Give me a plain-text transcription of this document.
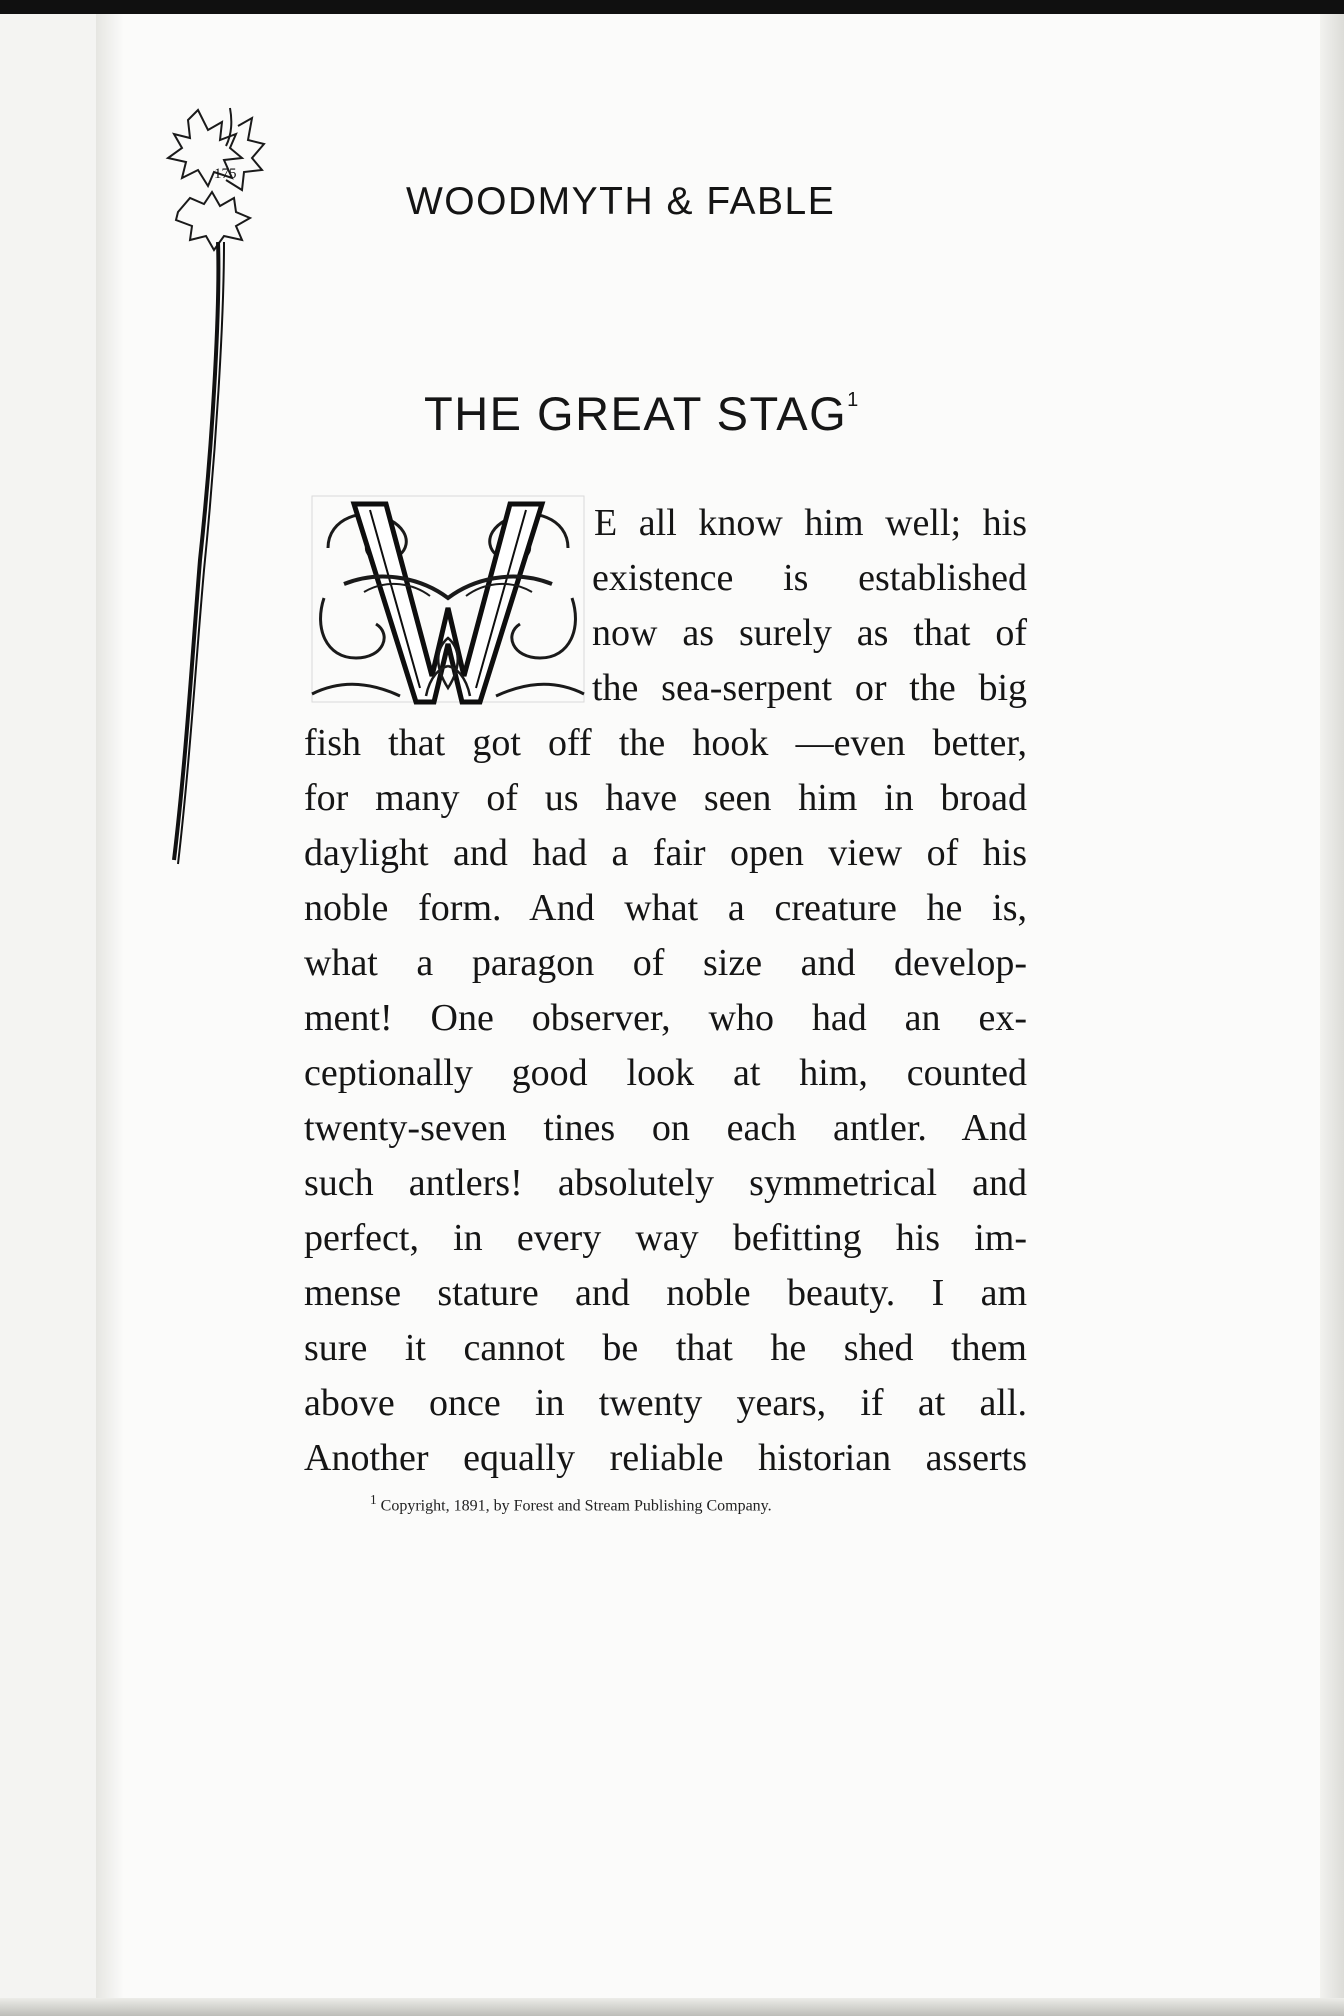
175
WOODMYTH & FABLE
THE GREAT STAG$^1$
E all know him well; his
existence is established
now as surely as that of
the sea-serpent or the big
fish that got off the hook —even better,
for many of us have seen him in broad
daylight and had a fair open view of his
noble form. And what a creature he is,
what a paragon of size and develop-
ment! One observer, who had an ex-
ceptionally good look at him, counted
twenty-seven tines on each antler. And
such antlers! absolutely symmetrical and
perfect, in every way befitting his im-
mense stature and noble beauty. I am
sure it cannot be that he shed them
above once in twenty years, if at all.
Another equally reliable historian asserts
$^1$ Copyright, 1891, by Forest and Stream Publishing Company.
